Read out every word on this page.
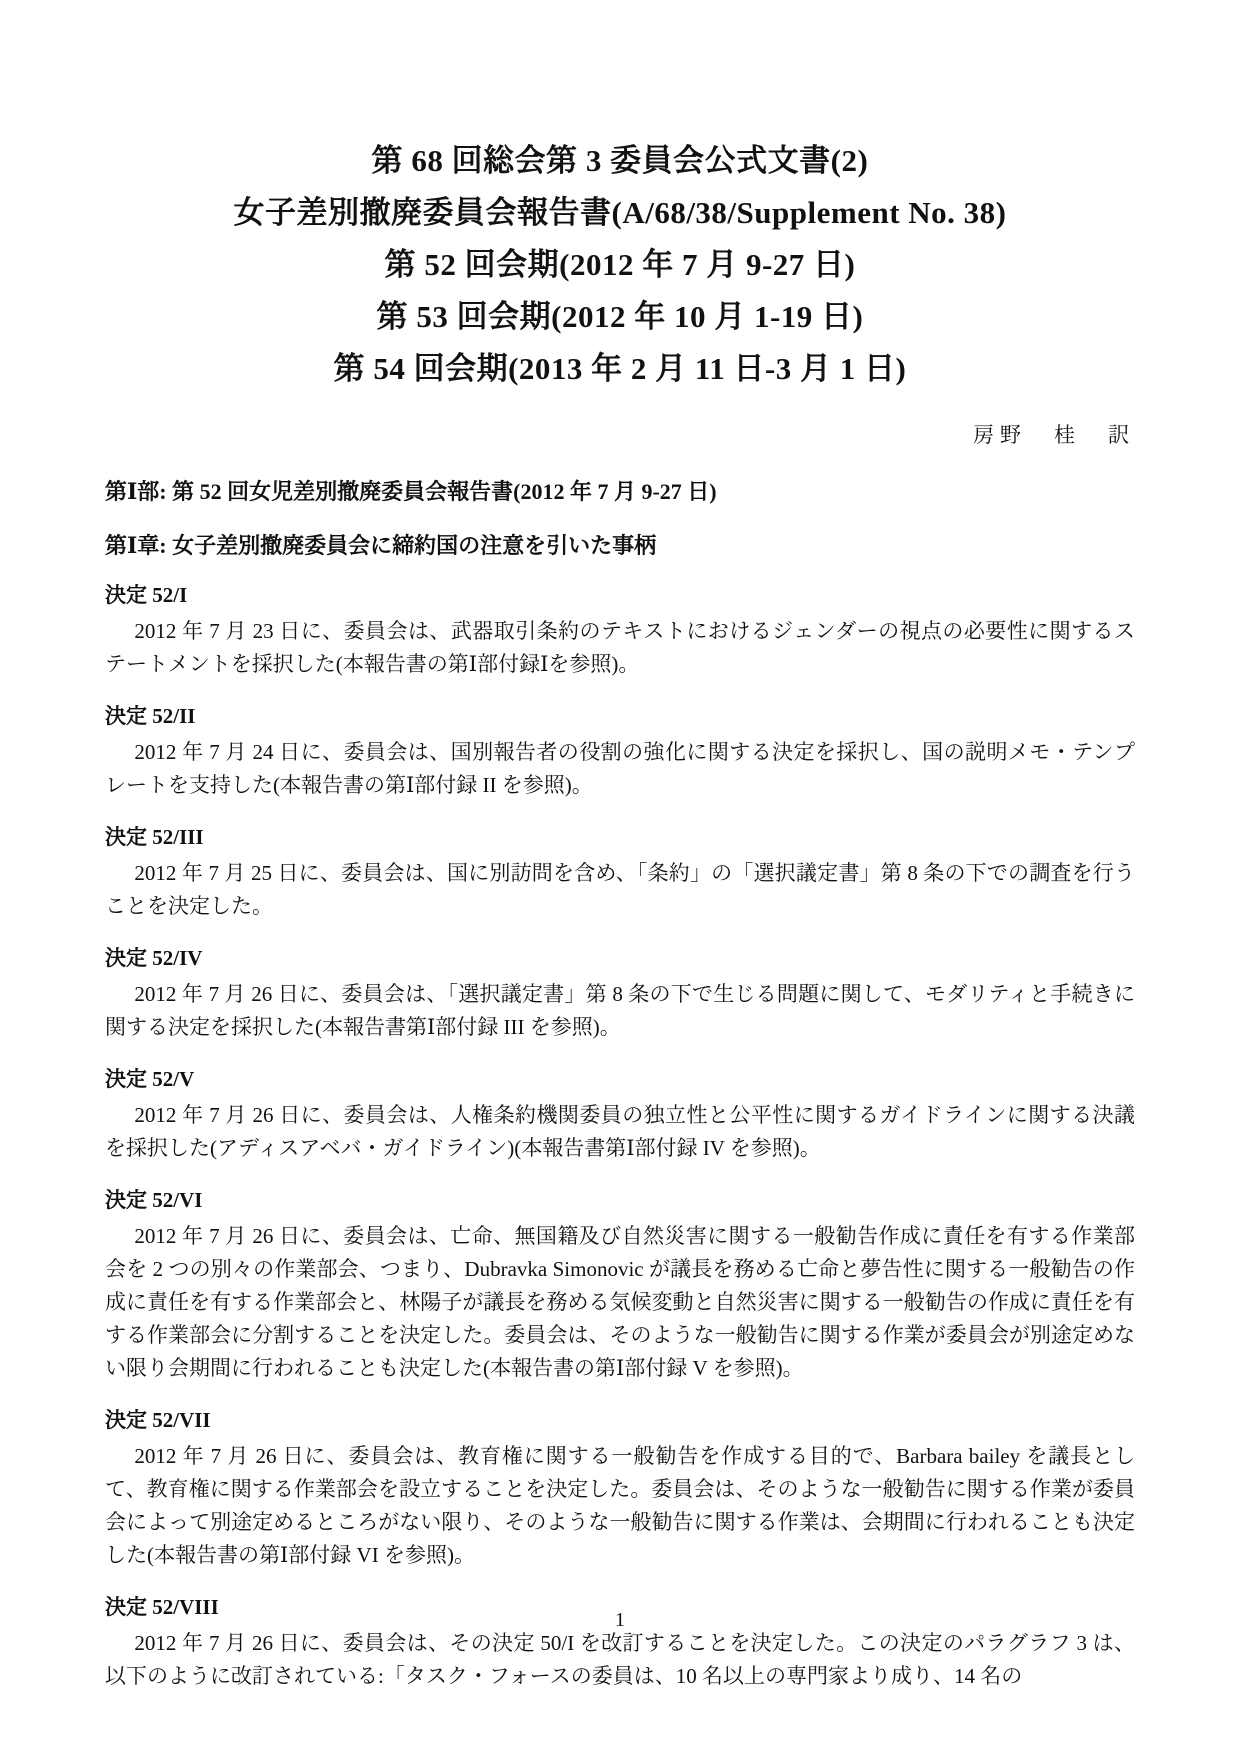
第 68 回総会第 3 委員会公式文書(2)
女子差別撤廃委員会報告書(A/68/38/Supplement No. 38)
第 52 回会期(2012 年 7 月 9-27 日)
第 53 回会期(2012 年 10 月 1-19 日)
第 54 回会期(2013 年 2 月 11 日-3 月 1 日)
房野　桂　訳
第Ⅰ部: 第 52 回女児差別撤廃委員会報告書(2012 年 7 月 9-27 日)
第Ⅰ章: 女子差別撤廃委員会に締約国の注意を引いた事柄
決定 52/I

2012 年 7 月 23 日に、委員会は、武器取引条約のテキストにおけるジェンダーの視点の必要性に関するステートメントを採択した(本報告書の第Ⅰ部付録Ⅰを参照)。

決定 52/II

2012 年 7 月 24 日に、委員会は、国別報告者の役割の強化に関する決定を採択し、国の説明メモ・テンプレートを支持した(本報告書の第Ⅰ部付録 II を参照)。

決定 52/III

2012 年 7 月 25 日に、委員会は、国に別訪問を含め、「条約」の「選択議定書」第 8 条の下での調査を行うことを決定した。

決定 52/IV

2012 年 7 月 26 日に、委員会は、「選択議定書」第 8 条の下で生じる問題に関して、モダリティと手続きに関する決定を採択した(本報告書第Ⅰ部付録 III を参照)。

決定 52/V

2012 年 7 月 26 日に、委員会は、人権条約機関委員の独立性と公平性に関するガイドラインに関する決議を採択した(アディスアベバ・ガイドライン)(本報告書第Ⅰ部付録 IV を参照)。

決定 52/VI

2012 年 7 月 26 日に、委員会は、亡命、無国籍及び自然災害に関する一般勧告作成に責任を有する作業部会を 2 つの別々の作業部会、つまり、Dubravka Simonovic が議長を務める亡命と夢告性に関する一般勧告の作成に責任を有する作業部会と、林陽子が議長を務める気候変動と自然災害に関する一般勧告の作成に責任を有する作業部会に分割することを決定した。委員会は、そのような一般勧告に関する作業が委員会が別途定めない限り会期間に行われることも決定した(本報告書の第Ⅰ部付録 V を参照)。

決定 52/VII

2012 年 7 月 26 日に、委員会は、教育権に関する一般勧告を作成する目的で、Barbara bailey を議長として、教育権に関する作業部会を設立することを決定した。委員会は、そのような一般勧告に関する作業が委員会によって別途定めるところがない限り、そのような一般勧告に関する作業は、会期間に行われることも決定した(本報告書の第Ⅰ部付録 VI を参照)。

決定 52/VIII

2012 年 7 月 26 日に、委員会は、その決定 50/I を改訂することを決定した。この決定のパラグラフ 3 は、以下のように改訂されている:「タスク・フォースの委員は、10 名以上の専門家より成り、14 名の

1
